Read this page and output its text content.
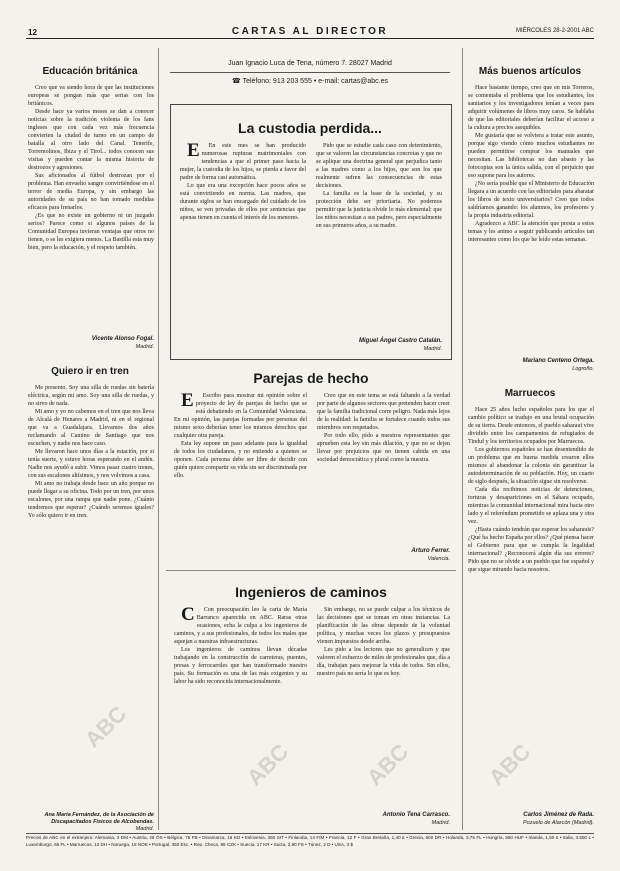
12	CARTAS AL DIRECTOR	MIÉRCOLES 28-2-2001 ABC
Juan Ignacio Luca de Tena, número 7. 28027 Madrid
☎ Teléfono: 913 203 555 • e-mail: cartas@abc.es
Educación británica

Creo que va siendo hora de que las instituciones europeas se pongan más que serias con los británicos.

Desde hace ya varios meses se dan a conocer noticias sobre la tradición violenta de los fans ingleses que con cada vez más frecuencia convierten la ciudad de turno en un campo de batalla al otro lado del Canal. Tenerife, Torremolinos, Ibiza y el Tirol... todos conocen sus visitas y pueden contar la misma historia de destrozos y agresiones.

Sus aficionados al fútbol destrozan por el problema. Han envuelto sangre convirtiéndose en el terror de media Europa, y sin embargo las autoridades de su país no han tomado medidas eficaces para frenarlos.

¿Es que no existe un gobierno ni un juzgado serios? Parece como si algunos países de la Comunidad Europea tuvieran ventajas que otros no tienen, o se les exigiera menos. La Bastilla esta muy bien, pero la educación, y el respeto también.

Vicente Alonso Fogal.
Madrid.
Quiero ir en tren

Me presento. Soy una silla de ruedas sin batería eléctrica, según mi amo. Soy una silla de ruedas, y no sirvo de nada.

Mi amo y yo no cabemos en el tren que nos lleva de Alcalá de Henares a Madrid, ni en el regional que va a Guadalajara. Llevamos dos años reclamando al Camino de Santiago que nos escuchen, y nadie nos hace caso.

Me llevaron hace unos días a la estación, por si tenía suerte, y estuve horas esperando en el andén. Nadie nos ayudó a subir. Vimos pasar cuatro trenes, con sus escalones altísimos, y nos volvimos a casa.

Mi amo no trabaja desde hace un año porque no puede llegar a su oficina. Todo por un tren, por unos escalones, por una rampa que nadie pone. ¿Cuánto tendremos que esperar? ¿Cuándo seremos iguales? Yo sólo quiero ir en tren.

Ana María Fernández, de la Asociación de Discapacitados Físicos de Alcobendas.
Madrid.
La custodia perdida...

E En este mes se han producido numerosas rupturas matrimoniales con tendencias a que el primer paso hacia la mujer, la custodia de los hijos, se pierda a favor del padre de forma casi automática.

Lo que era una excepción hace pocos años se está convirtiendo en norma. Las madres, que durante siglos se han encargado del cuidado de los niños, se ven privadas de ellos por sentencias que apenas tienen en cuenta el interés de los menores.

Pido que se estudie cada caso con detenimiento, que se valoren las circunstancias concretas y que no se aplique una doctrina general que perjudica tanto a las madres como a los hijos, que son los que realmente sufren las consecuencias de estas decisiones.

La familia es la base de la sociedad, y su protección debe ser prioritaria. No podemos permitir que la justicia olvide lo más elemental: que los niños necesitan a sus padres, pero especialmente en sus primeros años, a su madre.

Miguel Ángel Castro Catalán.
Madrid.
Parejas de hecho

E Escribo para mostrar mi opinión sobre el proyecto de ley de parejas de hecho que se está debatiendo en la Comunidad Valenciana. En mi opinión, las parejas formadas por personas del mismo sexo deberían tener los mismos derechos que cualquier otra pareja.

Esta ley supone un paso adelante para la igualdad de todos los ciudadanos, y no entiendo a quienes se oponen. Cada persona debe ser libre de decidir con quién quiere compartir su vida sin ser discriminada por ello.

Creo que en este tema se está faltando a la verdad por parte de algunos sectores que pretenden hacer creer que la familia tradicional corre peligro. Nada más lejos de la realidad: la familia se fortalece cuando todos sus miembros son respetados.

Por todo ello, pido a nuestros representantes que aprueben esta ley sin más dilación, y que no se dejen llevar por prejuicios que no tienen cabida en una sociedad democrática y plural como la nuestra.

Arturo Ferrer.
Valencia.
Ingenieros de caminos

C Con preocupación leo la carta de María Barranco aparecida en ABC. Raras otras ocasiones, echa la culpa a los ingenieros de caminos, y a sus profesionales, de todos los males que aquejan a nuestras infraestructuras.

Los ingenieros de caminos llevan décadas trabajando en la construcción de carreteras, puentes, presas y ferrocarriles que han transformado nuestro país. Su formación es una de las más exigentes y su labor ha sido reconocida internacionalmente.

Sin embargo, no se puede culpar a los técnicos de las decisiones que se toman en otras instancias. La planificación de las obras depende de la voluntad política, y muchas veces los plazos y presupuestos vienen impuestos desde arriba.

Les pido a los lectores que no generalicen y que valoren el esfuerzo de miles de profesionales que, día a día, trabajan para mejorar la vida de todos. Sin ellos, nuestro país no sería lo que es hoy.

Antonio Tena Carrasco.
Madrid.
Más buenos artículos

Hace bastante tiempo, creo que en mis Torreros, se comentaba el problema que los estudiantes, los sanitarios y los investigadores tenían a veces para adquirir volúmenes de libros muy caros. Se hablaba de que las editoriales deberían facilitar el acceso a la cultura a precios asequibles.

Me gustaría que se volviera a tratar este asunto, porque sigo viendo cómo muchos estudiantes no pueden permitirse comprar los manuales que necesitan. Las bibliotecas no dan abasto y las fotocopias son la única salida, con el perjuicio que eso supone para los autores.

¿No sería posible que el Ministerio de Educación llegara a un acuerdo con las editoriales para abaratar los libros de texto universitarios? Creo que todos saldríamos ganando: los alumnos, los profesores y la propia industria editorial.

Agradezco a ABC la atención que presta a estos temas y les animo a seguir publicando artículos tan interesantes como los que he leído estas semanas.

Mariano Centeno Ortega.
Logroño.
Marruecos

Hace 25 años lucho españoles para los que el cambio político se tradujo en una brutal ocupación de su tierra. Desde entonces, el pueblo saharaui vive dividido entre los campamentos de refugiados de Tinduf y los territorios ocupados por Marruecos.

Los gobiernos españoles se han desentendido de un problema que en buena medida crearon ellos mismos al abandonar la colonia sin garantizar la autodeterminación de su población. Hoy, un cuarto de siglo después, la situación sigue sin resolverse.

Cada día recibimos noticias de detenciones, torturas y desapariciones en el Sáhara ocupado, mientras la comunidad internacional mira hacia otro lado y el referéndum prometido se aplaza una y otra vez.

¿Hasta cuándo tendrán que esperar los saharauis? ¿Qué ha hecho España por ellos? ¿Qué piensa hacer el Gobierno para que se cumpla la legalidad internacional? ¿Reconocerá algún día sus errores? Pido que no se olvide a un pueblo que fue español y que sigue mirando hacia nosotros.

Carlos Jiménez de Rada.
Pozuelo de Alarcón (Madrid).
Precios de ABC en el extranjero: Alemania, 3 DM • Austria, 28 ÖS • Bélgica, 75 FB • Dinamarca, 16 KD • Eslovenia, 350 SIT • Finlandia, 14 FIM • Francia, 12 F • Gran Bretaña, 1,40 £ • Grecia, 600 DR • Holanda, 3,75 FL • Hungría, 550 HUF • Irlanda, 1,50 £ • Italia, 3.500 L • Luxemburgo, 65 FL • Marruecos, 13 DH • Noruega, 18 NOK • Portugal, 350 Esc. • Rep. Checa, 85 CZK • Suecia, 17 KR • Suiza, 2,90 FS • Túnez, 2 D • USA, 3 $
ABC
ABC	ABC	ABC
